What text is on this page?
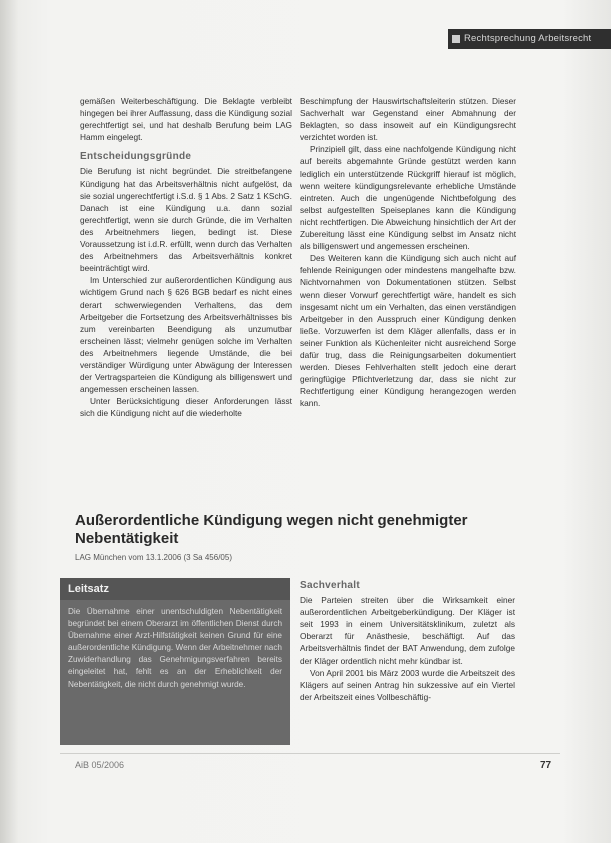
Rechtsprechung Arbeitsrecht

gemäßen Weiterbeschäftigung. Die Beklagte verbleibt hingegen bei ihrer Auffassung, dass die Kündigung sozial gerechtfertigt sei, und hat deshalb Berufung beim LAG Hamm eingelegt.

Entscheidungsgründe

Die Berufung ist nicht begründet. Die streitbefangene Kündigung hat das Arbeitsverhältnis nicht aufgelöst, da sie sozial ungerechtfertigt i.S.d. § 1 Abs. 2 Satz 1 KSchG. Danach ist eine Kündigung u.a. dann sozial gerechtfertigt, wenn sie durch Gründe, die im Verhalten des Arbeitnehmers liegen, bedingt ist. Diese Voraussetzung ist i.d.R. erfüllt, wenn durch das Verhalten des Arbeitnehmers das Arbeitsverhältnis konkret beeinträchtigt wird.

Im Unterschied zur außerordentlichen Kündigung aus wichtigem Grund nach § 626 BGB bedarf es nicht eines derart schwerwiegenden Verhaltens, das dem Arbeitgeber die Fortsetzung des Arbeitsverhältnisses bis zum vereinbarten Beendigung als unzumutbar erscheinen lässt; vielmehr genügen solche im Verhalten des Arbeitnehmers liegende Umstände, die bei verständiger Würdigung unter Abwägung der Interessen der Vertragsparteien die Kündigung als billigenswert und angemessen erscheinen lassen.

Unter Berücksichtigung dieser Anforderungen lässt sich die Kündigung nicht auf die wiederholte

Beschimpfung der Hauswirtschaftsleiterin stützen. Dieser Sachverhalt war Gegenstand einer Abmahnung der Beklagten, so dass insoweit auf ein Kündigungsrecht verzichtet worden ist.

Prinzipiell gilt, dass eine nachfolgende Kündigung nicht auf bereits abgemahnte Gründe gestützt werden kann lediglich ein unterstützende Rückgriff hierauf ist möglich, wenn weitere kündigungsrelevante erhebliche Umstände eintreten. Auch die ungenügende Nichtbefolgung des selbst aufgestellten Speiseplanes kann die Kündigung nicht rechtfertigen. Die Abweichung hinsichtlich der Art der Zubereitung lässt eine Kündigung selbst im Ansatz nicht als billigenswert und angemessen erscheinen.

Des Weiteren kann die Kündigung sich auch nicht auf fehlende Reinigungen oder mindestens mangelhafte bzw. Nichtvornahmen von Dokumentationen stützen. Selbst wenn dieser Vorwurf gerechtfertigt wäre, handelt es sich insgesamt nicht um ein Verhalten, das einen verständigen Arbeitgeber in den Ausspruch einer Kündigung denken ließe. Vorzuwerfen ist dem Kläger allenfalls, dass er in seiner Funktion als Küchenleiter nicht ausreichend Sorge dafür trug, dass die Reinigungsarbeiten dokumentiert werden. Dieses Fehlverhalten stellt jedoch eine derart geringfügige Pflichtverletzung dar, dass sie nicht zur Rechtfertigung einer Kündigung herangezogen werden kann.

Außerordentliche Kündigung wegen nicht genehmigter Nebentätigkeit
LAG München vom 13.1.2006 (3 Sa 456/05)
Leitsatz

Die Übernahme einer unentschuldigten Nebentätigkeit begründet bei einem Oberarzt im öffentlichen Dienst durch Übernahme einer Arzt-Hilfstätigkeit keinen Grund für eine außerordentliche Kündigung. Wenn der Arbeitnehmer nach Zuwiderhandlung das Genehmigungsverfahren bereits eingeleitet hat, fehlt es an der Erheblichkeit der Nebentätigkeit, die nicht durch genehmigt wurde.

Sachverhalt

Die Parteien streiten über die Wirksamkeit einer außerordentlichen Arbeitgeberkündigung. Der Kläger ist seit 1993 in einem Universitätsklinikum, zuletzt als Oberarzt für Anästhesie, beschäftigt. Auf das Arbeitsverhältnis findet der BAT Anwendung, dem zufolge der Kläger ordentlich nicht mehr kündbar ist.

Von April 2001 bis März 2003 wurde die Arbeitszeit des Klägers auf seinen Antrag hin sukzessive auf ein Viertel der Arbeitszeit eines Vollbeschäftig-

AiB 05/2006	77
